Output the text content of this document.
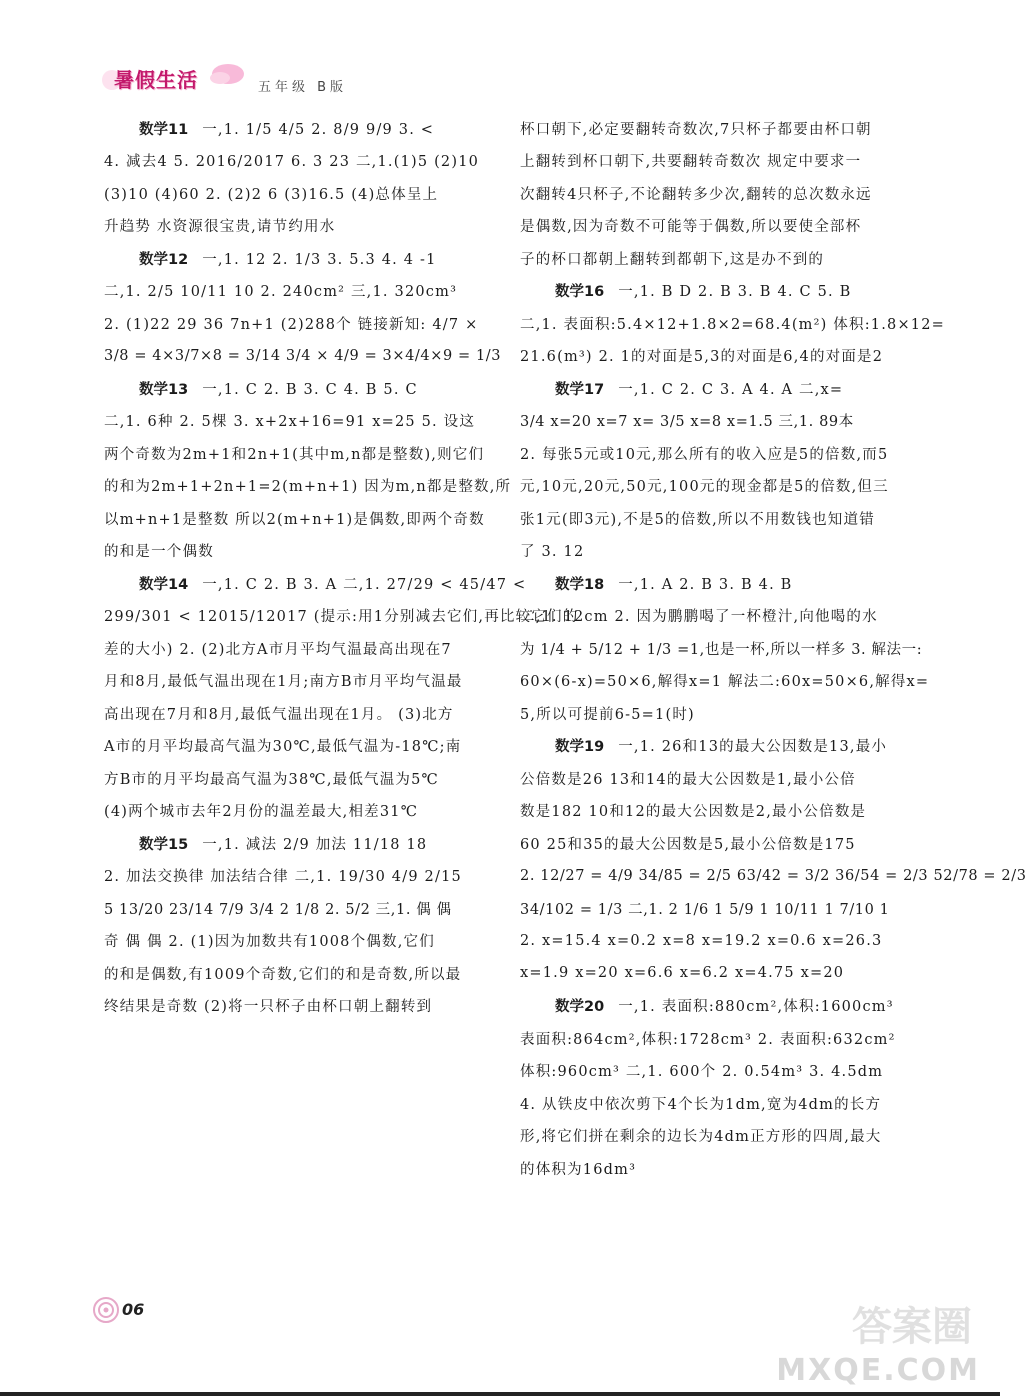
暑假生活	五年级 B版
数学11 一,1. 1/5 4/5 2. 8/9 9/9 3. <
4. 减去4 5. 2016/2017 6. 3 23 二,1.(1)5 (2)10
(3)10 (4)60 2. (2)2 6 (3)16.5 (4)总体呈上
升趋势 水资源很宝贵,请节约用水
数学12 一,1. 12 2. 1/3 3. 5.3 4. 4 -1
二,1. 2/5 10/11 10 2. 240cm² 三,1. 320cm³
2. (1)22 29 36 7n+1 (2)288个 链接新知: 4/7 ×
3/8 = 4×3/7×8 = 3/14 3/4 × 4/9 = 3×4/4×9 = 1/3
数学13 一,1. C 2. B 3. C 4. B 5. C
二,1. 6种 2. 5棵 3. x+2x+16=91 x=25 5. 设这
两个奇数为2m+1和2n+1(其中m,n都是整数),则它们
的和为2m+1+2n+1=2(m+n+1) 因为m,n都是整数,所
以m+n+1是整数 所以2(m+n+1)是偶数,即两个奇数
的和是一个偶数
数学14 一,1. C 2. B 3. A 二,1. 27/29 < 45/47 <
299/301 < 12015/12017 (提示:用1分别减去它们,再比较它们的
差的大小) 2. (2)北方A市月平均气温最高出现在7
月和8月,最低气温出现在1月;南方B市月平均气温最
高出现在7月和8月,最低气温出现在1月。 (3)北方
A市的月平均最高气温为30℃,最低气温为-18℃;南
方B市的月平均最高气温为38℃,最低气温为5℃
(4)两个城市去年2月份的温差最大,相差31℃
数学15 一,1. 减法 2/9 加法 11/18 18
2. 加法交换律 加法结合律 二,1. 19/30 4/9 2/15
5 13/20 23/14 7/9 3/4 2 1/8 2. 5/2 三,1. 偶 偶
奇 偶 偶 2. (1)因为加数共有1008个偶数,它们
的和是偶数,有1009个奇数,它们的和是奇数,所以最
终结果是奇数 (2)将一只杯子由杯口朝上翻转到
杯口朝下,必定要翻转奇数次,7只杯子都要由杯口朝
上翻转到杯口朝下,共要翻转奇数次 规定中要求一
次翻转4只杯子,不论翻转多少次,翻转的总次数永远
是偶数,因为奇数不可能等于偶数,所以要使全部杯
子的杯口都朝上翻转到都朝下,这是办不到的
数学16 一,1. B D 2. B 3. B 4. C 5. B
二,1. 表面积:5.4×12+1.8×2=68.4(m²) 体积:1.8×12=
21.6(m³) 2. 1的对面是5,3的对面是6,4的对面是2
数学17 一,1. C 2. C 3. A 4. A 二,x=
3/4 x=20 x=7 x= 3/5 x=8 x=1.5 三,1. 89本
2. 每张5元或10元,那么所有的收入应是5的倍数,而5
元,10元,20元,50元,100元的现金都是5的倍数,但三
张1元(即3元),不是5的倍数,所以不用数钱也知道错
了 3. 12
数学18 一,1. A 2. B 3. B 4. B
二,1. 12cm 2. 因为鹏鹏喝了一杯橙汁,向他喝的水
为 1/4 + 5/12 + 1/3 =1,也是一杯,所以一样多 3. 解法一:
60×(6-x)=50×6,解得x=1 解法二:60x=50×6,解得x=
5,所以可提前6-5=1(时)
数学19 一,1. 26和13的最大公因数是13,最小
公倍数是26 13和14的最大公因数是1,最小公倍
数是182 10和12的最大公因数是2,最小公倍数是
60 25和35的最大公因数是5,最小公倍数是175
2. 12/27 = 4/9 34/85 = 2/5 63/42 = 3/2 36/54 = 2/3 52/78 = 2/3
34/102 = 1/3 二,1. 2 1/6 1 5/9 1 10/11 1 7/10 1
2. x=15.4 x=0.2 x=8 x=19.2 x=0.6 x=26.3
x=1.9 x=20 x=6.6 x=6.2 x=4.75 x=20
数学20 一,1. 表面积:880cm²,体积:1600cm³
表面积:864cm²,体积:1728cm³ 2. 表面积:632cm²
体积:960cm³ 二,1. 600个 2. 0.54m³ 3. 4.5dm
4. 从铁皮中依次剪下4个长为1dm,宽为4dm的长方
形,将它们拼在剩余的边长为4dm正方形的四周,最大
的体积为16dm³
06	答案圈
MXQE.COM
